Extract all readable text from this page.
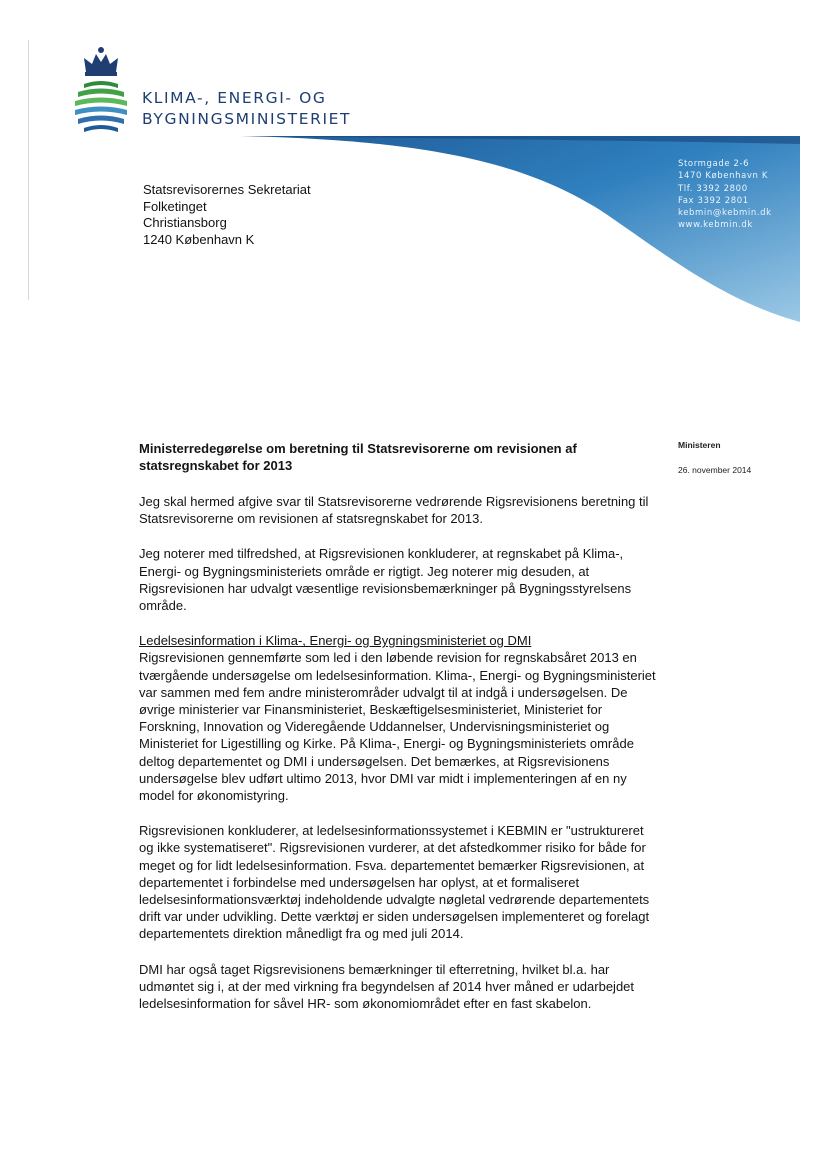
KLIMA-, ENERGI- OG
BYGNINGSMINISTERIET
Stormgade 2-6
1470 København K
Tlf. 3392 2800
Fax 3392 2801
kebmin@kebmin.dk
www.kebmin.dk
Statsrevisorernes Sekretariat
Folketinget
Christiansborg
1240 København K
Ministeren
26. november 2014

Ministerredegørelse om beretning til Statsrevisorerne om revisionen af statsregnskabet for 2013

Jeg skal hermed afgive svar til Statsrevisorerne vedrørende Rigsrevisionens beretning til Statsrevisorerne om revisionen af statsregnskabet for 2013.

Jeg noterer med tilfredshed, at Rigsrevisionen konkluderer, at regnskabet på Klima-, Energi- og Bygningsministeriets område er rigtigt. Jeg noterer mig desuden, at Rigsrevisionen har udvalgt væsentlige revisionsbemærkninger på Bygningsstyrelsens område.

Ledelsesinformation i Klima-, Energi- og Bygningsministeriet og DMI
Rigsrevisionen gennemførte som led i den løbende revision for regnskabsåret 2013 en tværgående undersøgelse om ledelsesinformation. Klima-, Energi- og Bygningsministeriet var sammen med fem andre ministerområder udvalgt til at indgå i undersøgelsen. De øvrige ministerier var Finansministeriet, Beskæftigelsesministeriet, Ministeriet for Forskning, Innovation og Videregående Uddannelser, Undervisningsministeriet og Ministeriet for Ligestilling og Kirke. På Klima-, Energi- og Bygningsministeriets område deltog departementet og DMI i undersøgelsen. Det bemærkes, at Rigsrevisionens undersøgelse blev udført ultimo 2013, hvor DMI var midt i implementeringen af en ny model for økonomistyring.

Rigsrevisionen konkluderer, at ledelsesinformationssystemet i KEBMIN er "ustruktureret og ikke systematiseret". Rigsrevisionen vurderer, at det afstedkommer risiko for både for meget og for lidt ledelsesinformation. Fsva. departementet bemærker Rigsrevisionen, at departementet i forbindelse med undersøgelsen har oplyst, at et formaliseret ledelsesinformationsværktøj indeholdende udvalgte nøgletal vedrørende departementets drift var under udvikling. Dette værktøj er siden undersøgelsen implementeret og forelagt departementets direktion månedligt fra og med juli 2014.

DMI har også taget Rigsrevisionens bemærkninger til efterretning, hvilket bl.a. har udmøntet sig i, at der med virkning fra begyndelsen af 2014 hver måned er udarbejdet ledelsesinformation for såvel HR- som økonomiområdet efter en fast skabelon.
